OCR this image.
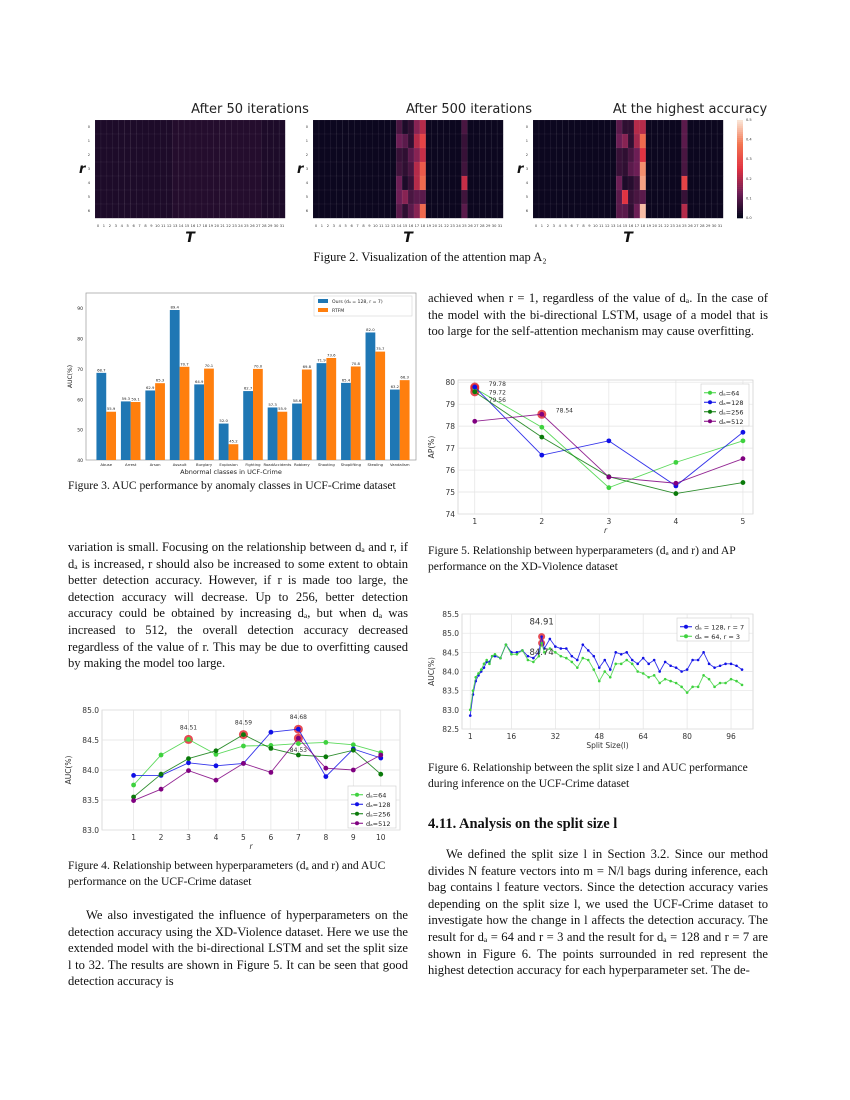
After 50 iterations	After 500 iterations	At the highest accuracy
0 1 2 3 4 5 6 7 8 9 10 11 12 13 14 15 16 17 18 19 20 21 22 23 24 25 26 27 28 29 30 31
0
1
2
3
4
5
6
r
T
0 1 2 3 4 5 6 7 8 9 10 11 12 13 14 15 16 17 18 19 20 21 22 23 24 25 26 27 28 29 30 31
0
1
2
3
4
5
6
r
T
0 1 2 3 4 5 6 7 8 9 10 11 12 13 14 15 16 17 18 19 20 21 22 23 24 25 26 27 28 29 30 31
0
1
2
3
4
5
6
r
T
0.0
0.1
0.2
0.3
0.4
0.5
Figure 2. Visualization of the attention map A₂
40
50
60
70
80
90
AUC(%)
Abnormal classes in UCF-Crime
68.7
55.9
Abuse
59.3 59.1
Arrest
62.9
65.3
Arson
89.4
70.7
Assault
64.9
70.1
Burglary
52.0
45.2
Explosion
62.7
70.0
Fighting
57.3
55.9
RoadAccidents
58.6
69.8
Robbery
71.9
73.6
Shooting
65.4
70.8
Shoplifting
82.0
75.7
Stealing
63.2
66.3
Vandalism
Ours (dₐ = 128, r = 7)
RTFM
Figure 3. AUC performance by anomaly classes in UCF-Crime dataset

variation is small. Focusing on the relationship between dₐ and r, if dₐ is increased, r should also be increased to some extent to obtain better detection accuracy. However, if r is made too large, the detection accuracy will decrease. Up to 256, better detection accuracy could be obtained by increasing dₐ, but when dₐ was increased to 512, the overall detection accuracy decreased regardless of the value of r. This may be due to overfitting caused by making the model too large.

1	2	3	4	5	6	7	8	9	10
83.0
83.5
84.0
84.5
85.0
r
AUC(%)
84.51
84.59
84.68
84.53
dₐ=64
dₐ=128
dₐ=256
dₐ=512
Figure 4. Relationship between hyperparameters (dₐ and r) and AUC performance on the UCF-Crime dataset

We also investigated the influence of hyperparameters on the detection accuracy using the XD-Violence dataset. Here we use the extended model with the bi-directional LSTM and set the split size l to 32. The results are shown in Figure 5. It can be seen that good detection accuracy is

achieved when r = 1, regardless of the value of dₐ. In the case of the model with the bi-directional LSTM, usage of a model that is too large for the self-attention mechanism may cause overfitting.

1	2	3	4	5
74
75
76
77
78
79
80
r
AP(%)
79.78
79.72
79.56
78.54
dₐ=64
dₐ=128
dₐ=256
dₐ=512
Figure 5. Relationship between hyperparameters (dₐ and r) and AP performance on the XD-Violence dataset
1	16	32	48	64	80	96
82.5
83.0
83.5
84.0
84.5
85.0
85.5
Split Size(l)
AUC(%)
84.91
84.74
dₐ = 128, r = 7
dₐ = 64, r = 3
Figure 6. Relationship between the split size l and AUC performance during inference on the UCF-Crime dataset
4.11. Analysis on the split size l

We defined the split size l in Section 3.2. Since our method divides N feature vectors into m = N/l bags during inference, each bag contains l feature vectors. Since the detection accuracy varies depending on the split size l, we used the UCF-Crime dataset to investigate how the change in l affects the detection accuracy. The result for dₐ = 64 and r = 3 and the result for dₐ = 128 and r = 7 are shown in Figure 6. The points surrounded in red represent the highest detection accuracy for each hyperparameter set. The de-
